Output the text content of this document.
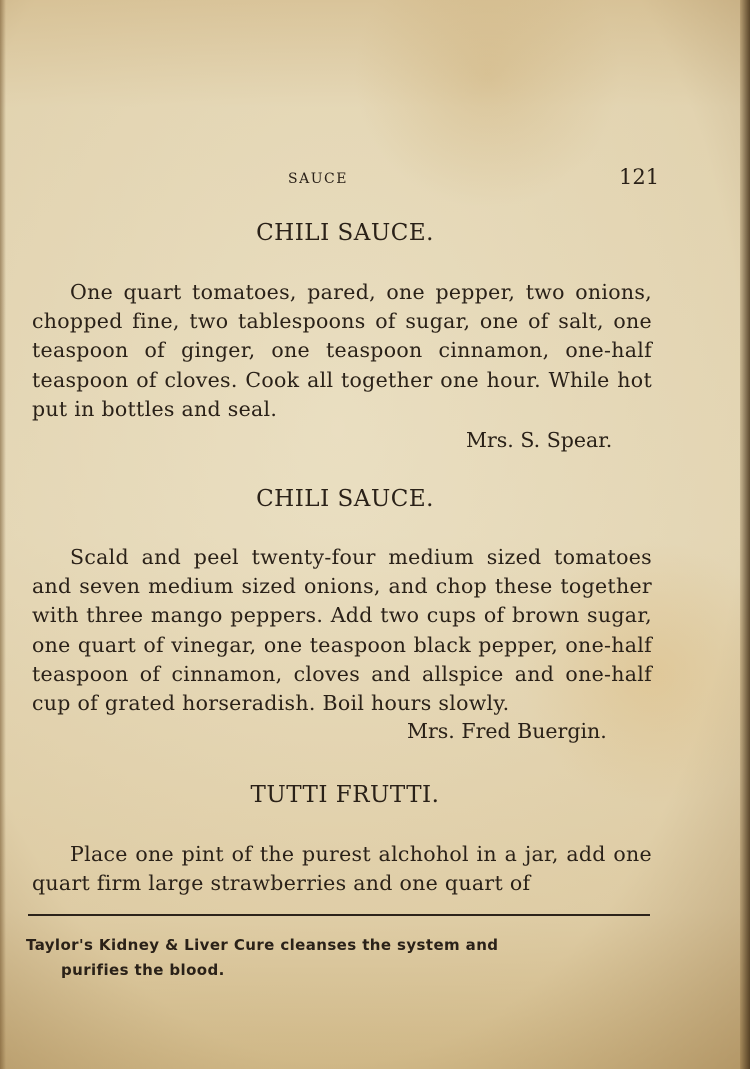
SAUCE	121
CHILI SAUCE.
One quart tomatoes, pared, one pepper, two onions, chopped fine, two tablespoons of sugar, one of salt, one teaspoon of ginger, one teaspoon cinnamon, one-half teaspoon of cloves. Cook all together one hour. While hot put in bottles and seal.
Mrs. S. Spear.
CHILI SAUCE.
Scald and peel twenty-four medium sized tomatoes and seven medium sized onions, and chop these together with three mango peppers. Add two cups of brown sugar, one quart of vinegar, one teaspoon black pepper, one-half teaspoon of cinnamon, cloves and allspice and one-half cup of grated horseradish. Boil hours slowly.
Mrs. Fred Buergin.
TUTTI FRUTTI.
Place one pint of the purest alchohol in a jar, add one quart firm large strawberries and one quart of
Taylor's Kidney & Liver Cure cleanses the system and
purifies the blood.
